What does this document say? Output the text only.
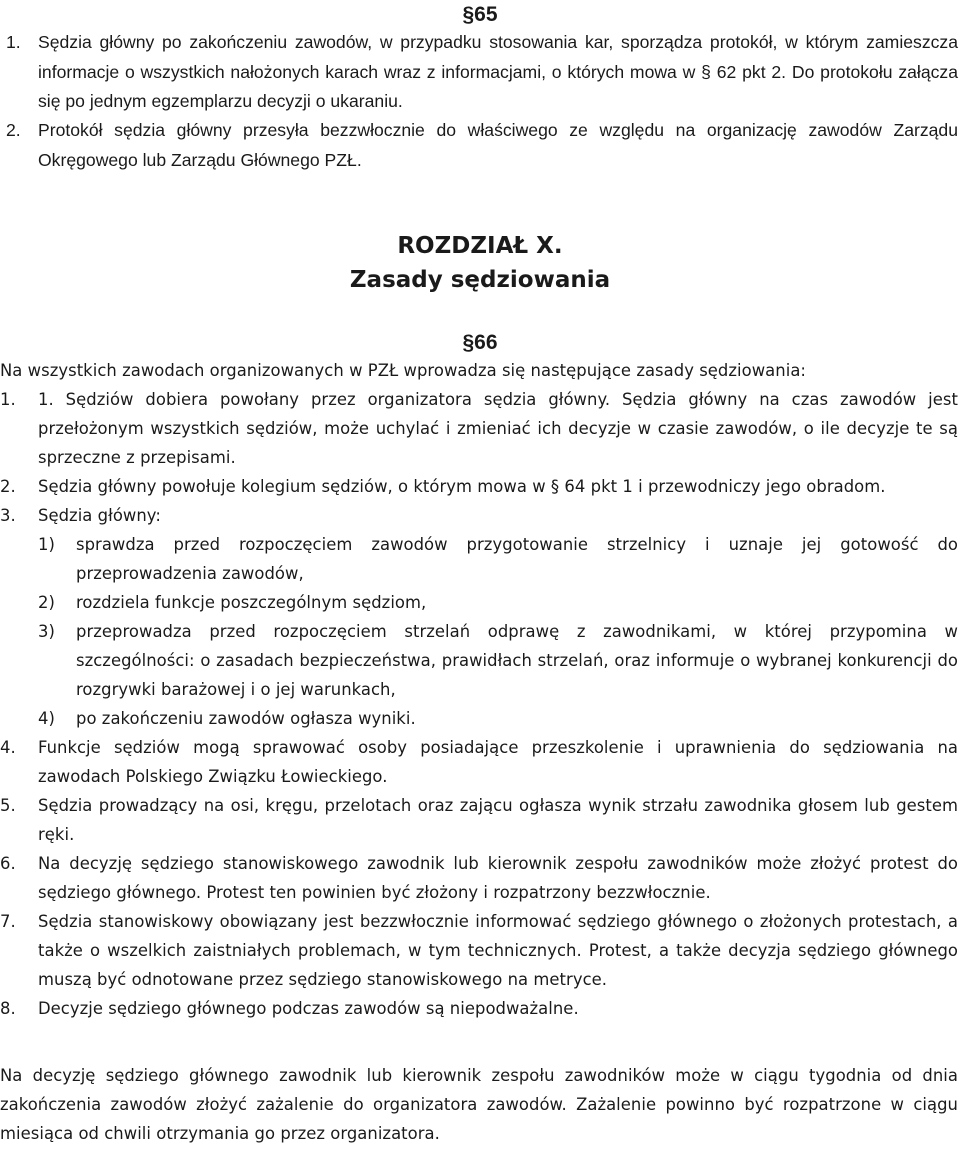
§65
1. Sędzia główny po zakończeniu zawodów, w przypadku stosowania kar, sporządza protokół, w którym zamieszcza informacje o wszystkich nałożonych karach wraz z informacjami, o których mowa w § 62 pkt 2. Do protokołu załącza się po jednym egzemplarzu decyzji o ukaraniu.
2. Protokół sędzia główny przesyła bezzwłocznie do właściwego ze względu na organizację zawodów Zarządu Okręgowego lub Zarządu Głównego PZŁ.
ROZDZIAŁ X.
Zasady sędziowania
§66

Na wszystkich zawodach organizowanych w PZŁ wprowadza się następujące zasady sędziowania:

1.	1. Sędziów dobiera powołany przez organizatora sędzia główny. Sędzia główny na czas zawodów jest przełożonym wszystkich sędziów, może uchylać i zmieniać ich decyzje w czasie zawodów, o ile decyzje te są sprzeczne z przepisami.
2.	Sędzia główny powołuje kolegium sędziów, o którym mowa w § 64 pkt 1 i przewodniczy jego obradom.
3.	Sędzia główny:
1)	sprawdza przed rozpoczęciem zawodów przygotowanie strzelnicy i uznaje jej gotowość do przeprowadzenia zawodów,
2)	rozdziela funkcje poszczególnym sędziom,
3)	przeprowadza przed rozpoczęciem strzelań odprawę z zawodnikami, w której przypomina w szczególności: o zasadach bezpieczeństwa, prawidłach strzelań, oraz informuje o wybranej konkurencji do rozgrywki barażowej i o jej warunkach,
4)	po zakończeniu zawodów ogłasza wyniki.
4.	Funkcje sędziów mogą sprawować osoby posiadające przeszkolenie i uprawnienia do sędziowania na zawodach Polskiego Związku Łowieckiego.
5.	Sędzia prowadzący na osi, kręgu, przelotach oraz zającu ogłasza wynik strzału zawodnika głosem lub gestem ręki.
6.	Na decyzję sędziego stanowiskowego zawodnik lub kierownik zespołu zawodników może złożyć protest do sędziego głównego. Protest ten powinien być złożony i rozpatrzony bezzwłocznie.
7.	Sędzia stanowiskowy obowiązany jest bezzwłocznie informować sędziego głównego o złożonych protestach, a także o wszelkich zaistniałych problemach, w tym technicznych. Protest, a także decyzja sędziego głównego muszą być odnotowane przez sędziego stanowiskowego na metryce.
8.	Decyzje sędziego głównego podczas zawodów są niepodważalne.

Na decyzję sędziego głównego zawodnik lub kierownik zespołu zawodników może w ciągu tygodnia od dnia zakończenia zawodów złożyć zażalenie do organizatora zawodów. Zażalenie powinno być rozpatrzone w ciągu miesiąca od chwili otrzymania go przez organizatora.
